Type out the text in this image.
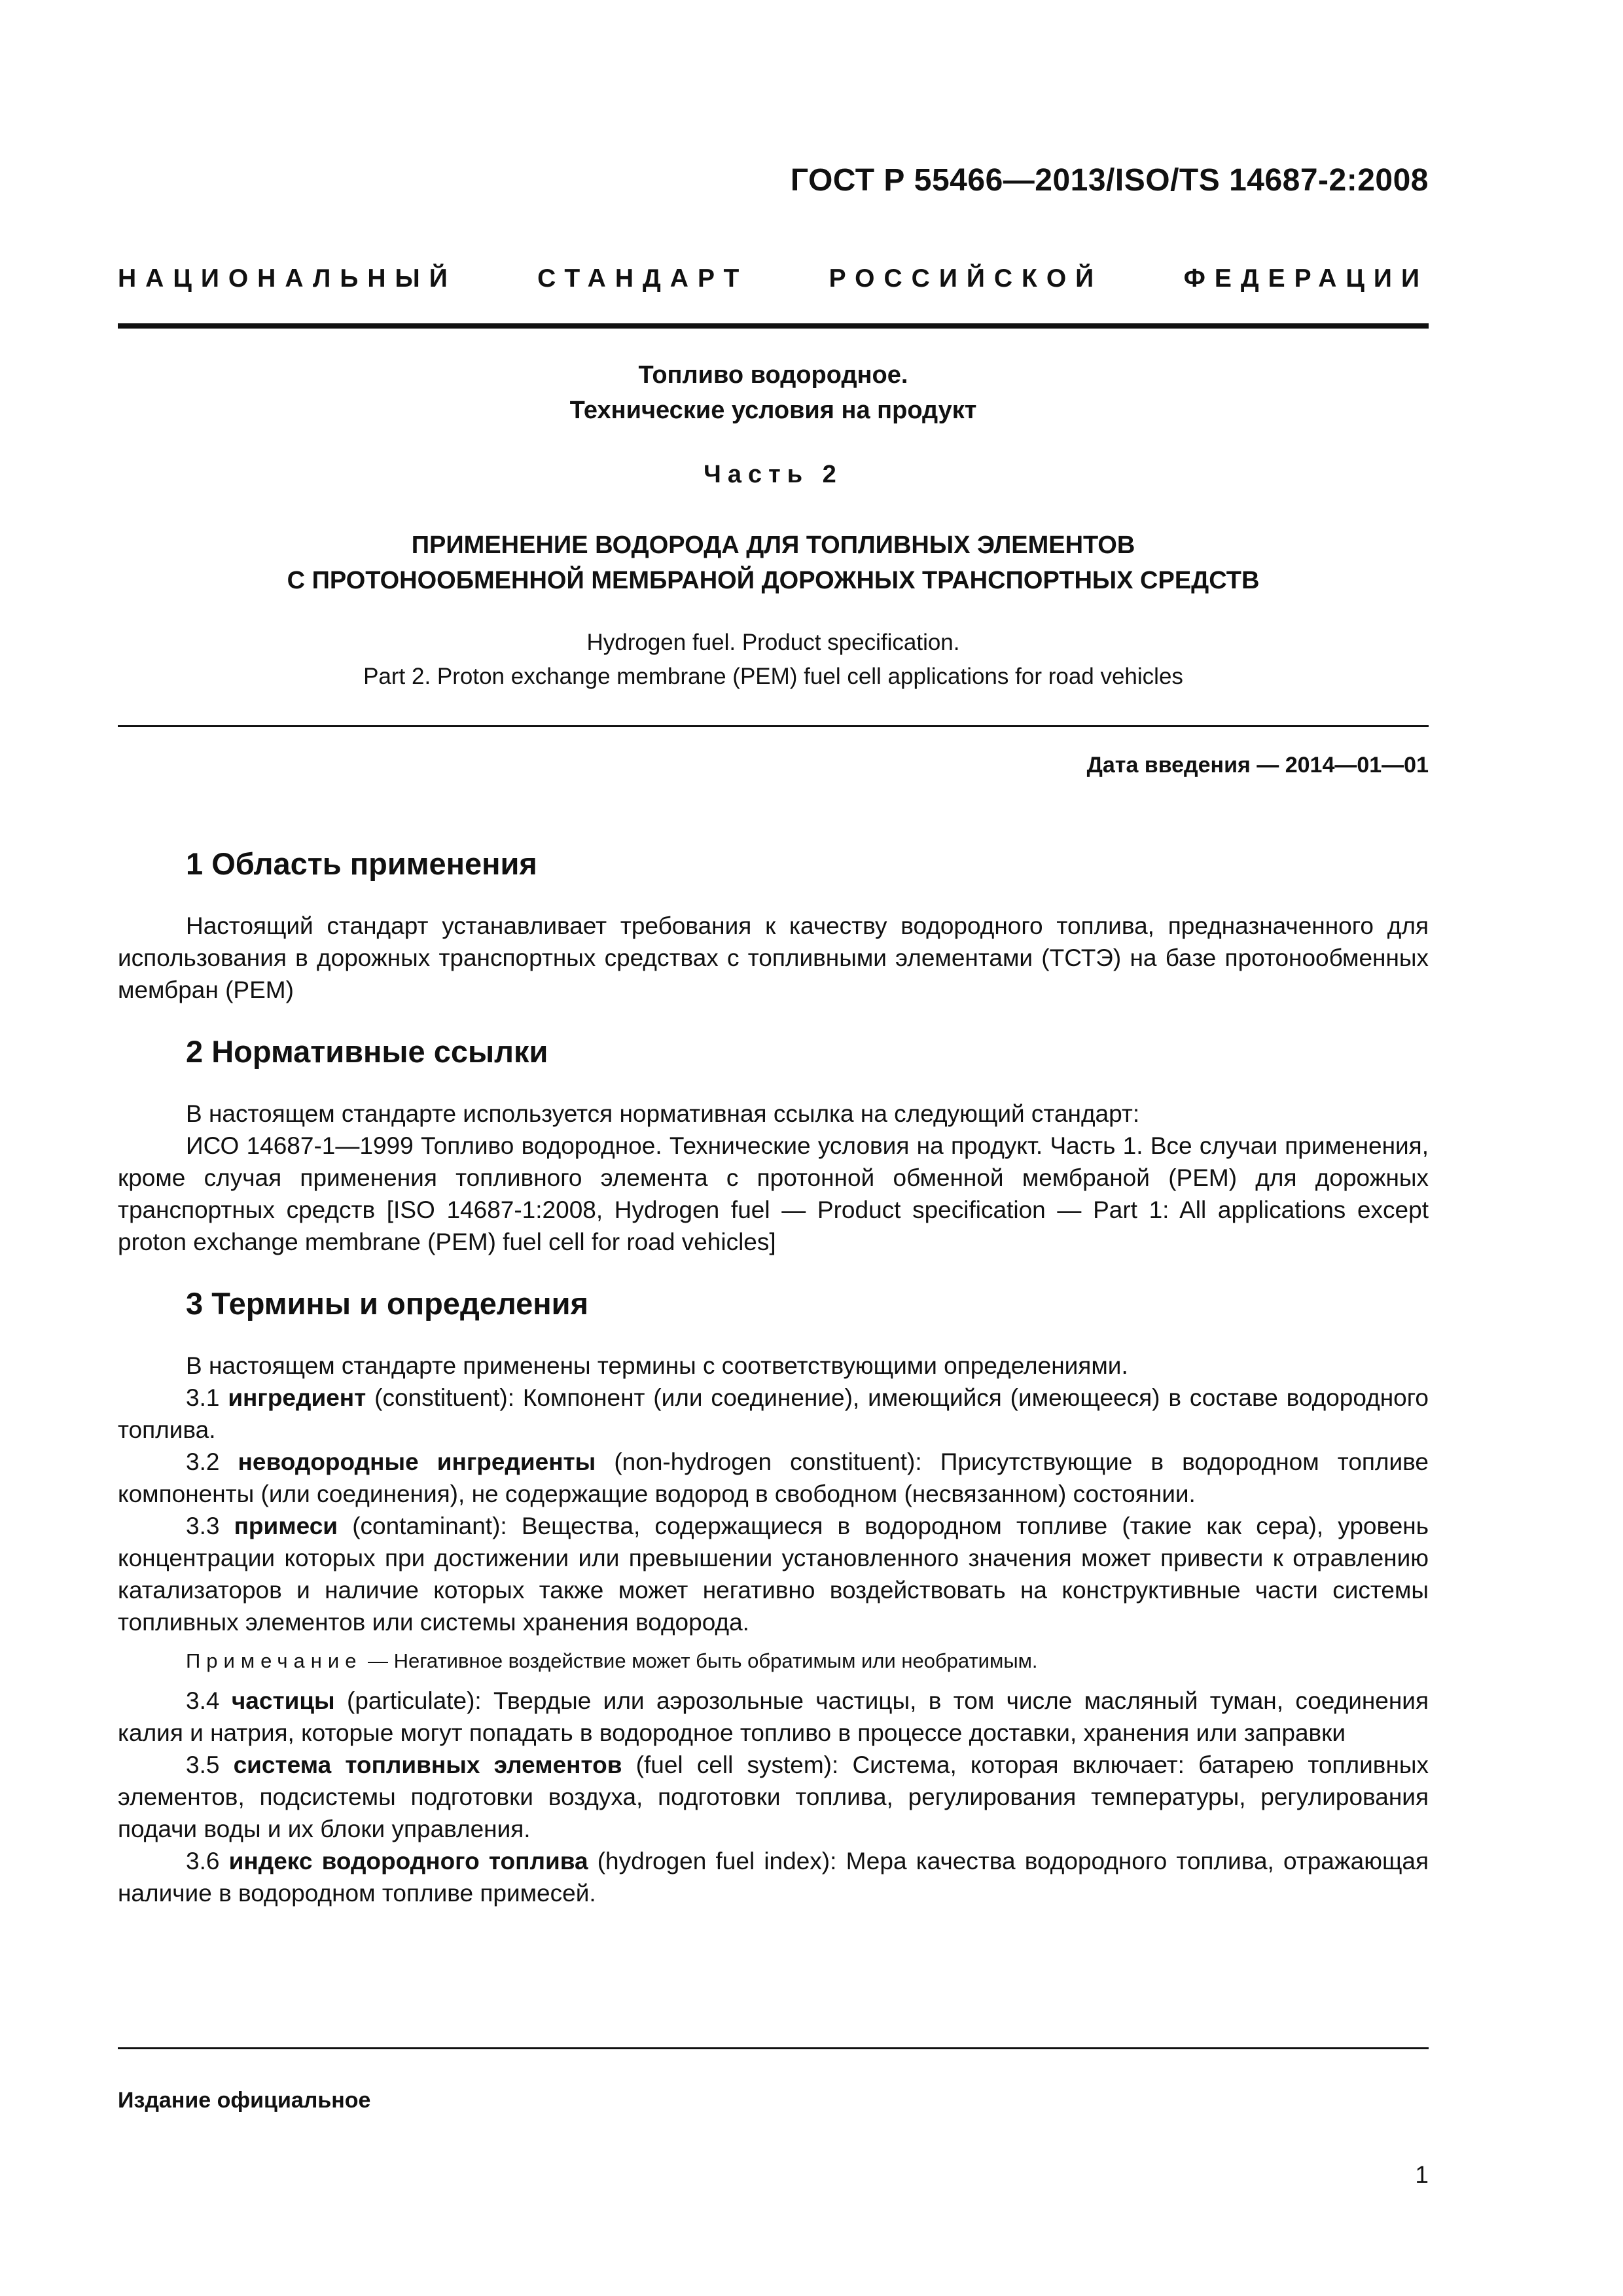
ГОСТ Р 55466—2013/ISO/TS 14687-2:2008
НАЦИОНАЛЬНЫЙ	СТАНДАРТ	РОССИЙСКОЙ	ФЕДЕРАЦИИ
Топливо водородное.
Технические условия на продукт
Часть 2
ПРИМЕНЕНИЕ ВОДОРОДА ДЛЯ ТОПЛИВНЫХ ЭЛЕМЕНТОВ
С ПРОТОНООБМЕННОЙ МЕМБРАНОЙ ДОРОЖНЫХ ТРАНСПОРТНЫХ СРЕДСТВ
Hydrogen fuel. Product specification.
Part 2. Proton exchange membrane (PEM) fuel cell applications for road vehicles
Дата введения — 2014—01—01
1 Область применения

Настоящий стандарт устанавливает требования к качеству водородного топлива, предназначенного для использования в дорожных транспортных средствах с топливными элементами (ТСТЭ) на базе протонообменных мембран (PEM)

2 Нормативные ссылки

В настоящем стандарте используется нормативная ссылка на следующий стандарт:

ИСО 14687-1—1999 Топливо водородное. Технические условия на продукт. Часть 1. Все случаи применения, кроме случая применения топливного элемента с протонной обменной мембраной (PEM) для дорожных транспортных средств [ISO 14687-1:2008, Hydrogen fuel — Product specification — Part 1: All applications except proton exchange membrane (PEM) fuel cell for road vehicles]

3 Термины и определения

В настоящем стандарте применены термины с соответствующими определениями.

3.1 ингредиент (constituent): Компонент (или соединение), имеющийся (имеющееся) в составе водородного топлива.

3.2 неводородные ингредиенты (non-hydrogen constituent): Присутствующие в водородном топливе компоненты (или соединения), не содержащие водород в свободном (несвязанном) состоянии.

3.3 примеси (contaminant): Вещества, содержащиеся в водородном топливе (такие как сера), уровень концентрации которых при достижении или превышении установленного значения может привести к отравлению катализаторов и наличие которых также может негативно воздействовать на конструктивные части системы топливных элементов или системы хранения водорода.

Примечание — Негативное воздействие может быть обратимым или необратимым.

3.4 частицы (particulate): Твердые или аэрозольные частицы, в том числе масляный туман, соединения калия и натрия, которые могут попадать в водородное топливо в процессе доставки, хранения или заправки

3.5 система топливных элементов (fuel cell system): Система, которая включает: батарею топливных элементов, подсистемы подготовки воздуха, подготовки топлива, регулирования температуры, регулирования подачи воды и их блоки управления.

3.6 индекс водородного топлива (hydrogen fuel index): Мера качества водородного топлива, отражающая наличие в водородном топливе примесей.

Издание официальное
1
